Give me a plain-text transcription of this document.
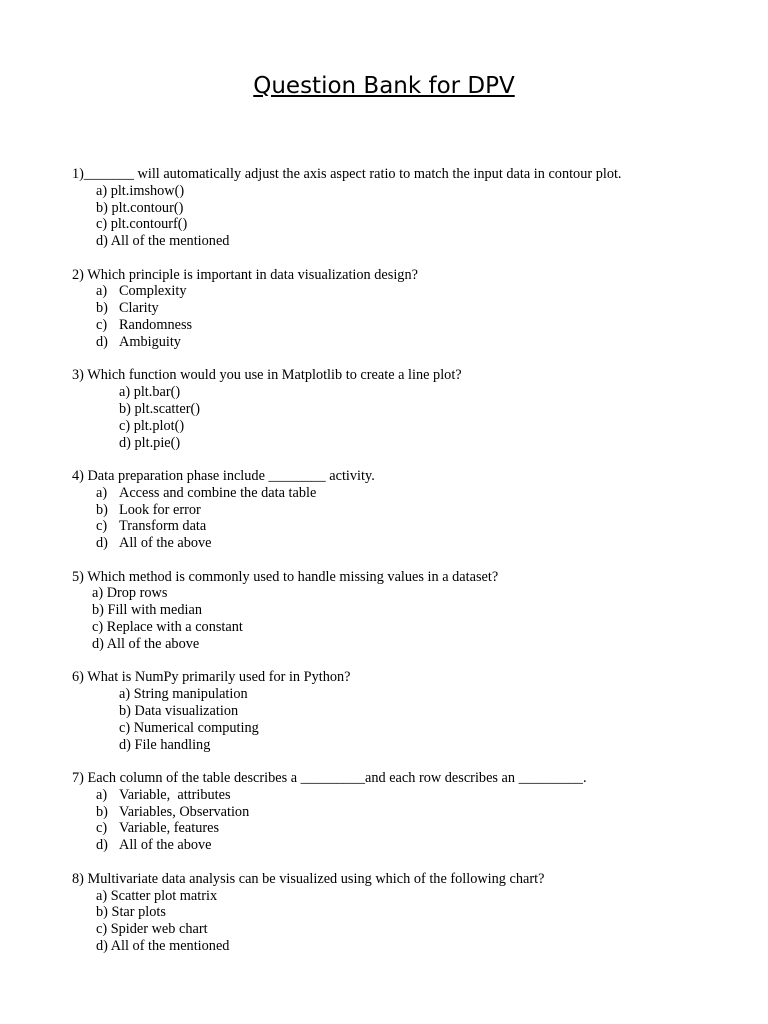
Question Bank for DPV
1)_______ will automatically adjust the axis aspect ratio to match the input data in contour plot.
a) plt.imshow()
b) plt.contour()
c) plt.contourf()
d) All of the mentioned
2) Which principle is important in data visualization design?
a) Complexity
b) Clarity
c) Randomness
d) Ambiguity
3) Which function would you use in Matplotlib to create a line plot?
a) plt.bar()
b) plt.scatter()
c) plt.plot()
d) plt.pie()
4) Data preparation phase include ________ activity.
a) Access and combine the data table
b) Look for error
c) Transform data
d) All of the above
5) Which method is commonly used to handle missing values in a dataset?
a) Drop rows
b) Fill with median
c) Replace with a constant
d) All of the above
6) What is NumPy primarily used for in Python?
a) String manipulation
b) Data visualization
c) Numerical computing
d) File handling
7) Each column of the table describes a _________and each row describes an _________.
a) Variable,  attributes
b) Variables, Observation
c) Variable, features
d) All of the above
8) Multivariate data analysis can be visualized using which of the following chart?
a) Scatter plot matrix
b) Star plots
c) Spider web chart
d) All of the mentioned
